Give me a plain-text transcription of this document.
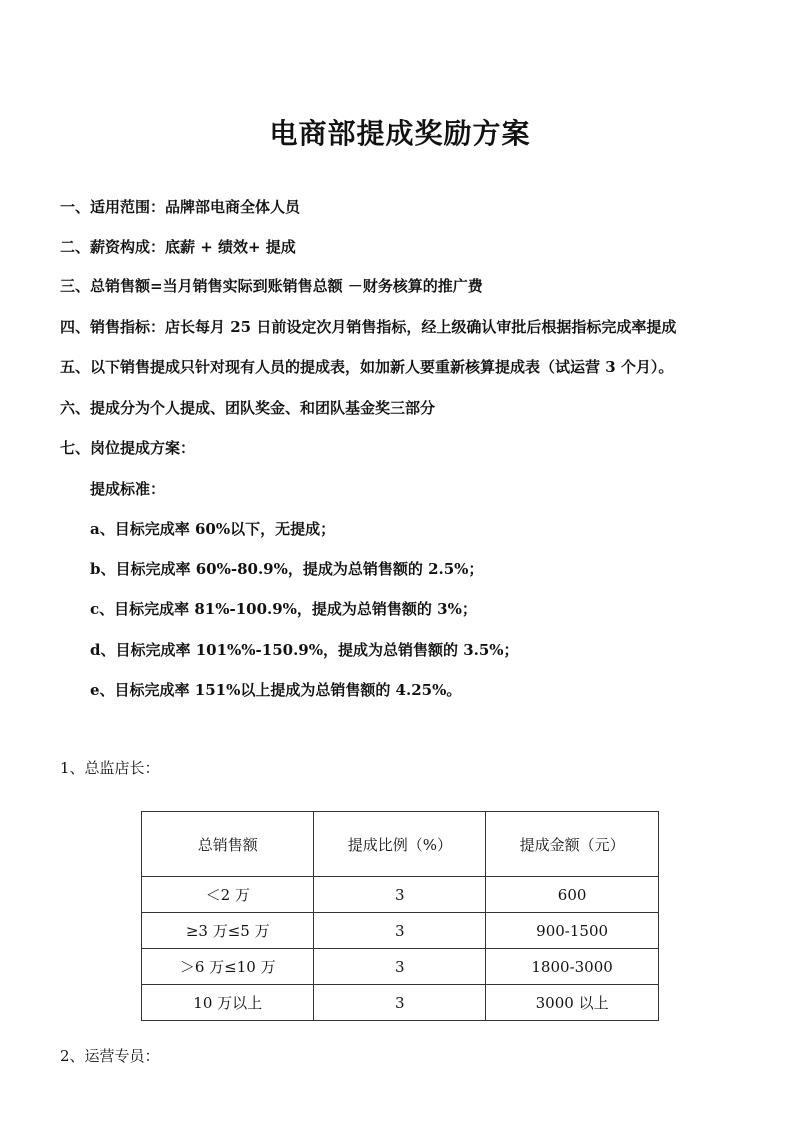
电商部提成奖励方案
一、适用范围：品牌部电商全体人员
二、薪资构成：底薪 + 绩效+ 提成
三、总销售额=当月销售实际到账销售总额 －财务核算的推广费
四、销售指标：店长每月 25 日前设定次月销售指标，经上级确认审批后根据指标完成率提成
五、以下销售提成只针对现有人员的提成表，如加新人要重新核算提成表（试运营 3 个月）。
六、提成分为个人提成、团队奖金、和团队基金奖三部分
七、岗位提成方案：
提成标准：
a、目标完成率 60%以下，无提成；
b、目标完成率 60%-80.9%，提成为总销售额的 2.5%；
c、目标完成率 81%-100.9%，提成为总销售额的 3%；
d、目标完成率 101%%-150.9%，提成为总销售额的 3.5%；
e、目标完成率 151%以上提成为总销售额的 4.25%。
1、总监店长：
总销售额	提成比例（%）	提成金额（元）
＜2 万	3	600
≥3 万≤5 万	3	900-1500
＞6 万≤10 万	3	1800-3000
10 万以上	3	3000 以上
2、运营专员：
